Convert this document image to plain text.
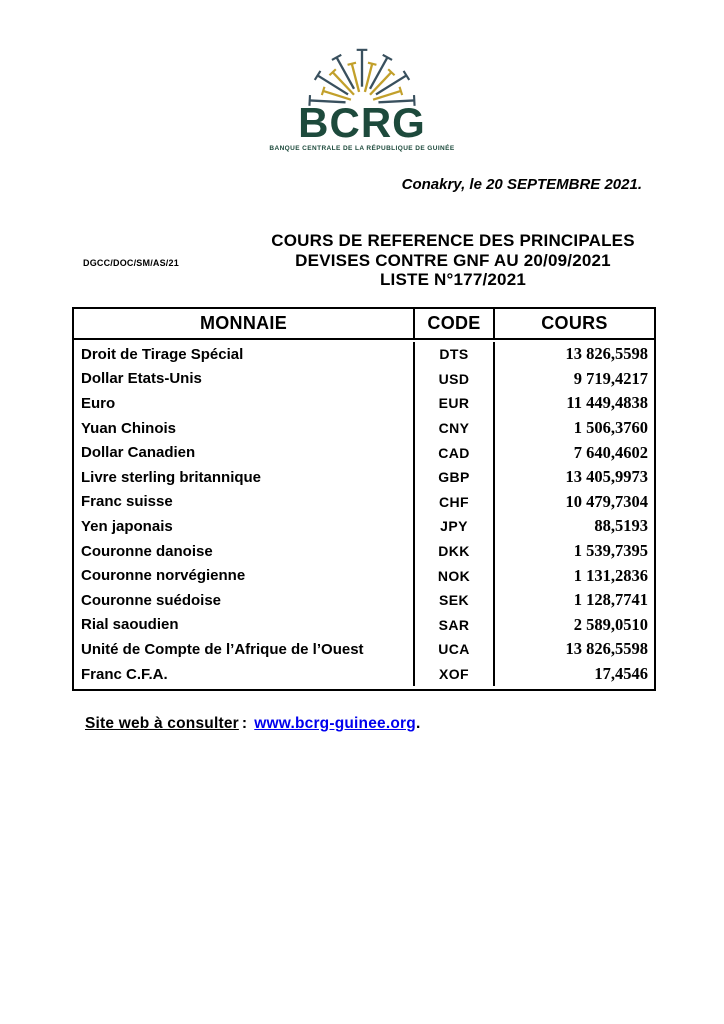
BCRG
BANQUE CENTRALE DE LA RÉPUBLIQUE DE GUINÉE
Conakry, le 20 SEPTEMBRE 2021.
DGCC/DOC/SM/AS/21
COURS DE REFERENCE DES PRINCIPALES
DEVISES CONTRE GNF AU 20/09/2021
LISTE N°177/2021
MONNAIE	CODE	COURS
Droit de Tirage Spécial	DTS	13 826,5598
Dollar Etats-Unis	USD	9 719,4217
Euro	EUR	11 449,4838
Yuan Chinois	CNY	1 506,3760
Dollar Canadien	CAD	7 640,4602
Livre sterling britannique	GBP	13 405,9973
Franc suisse	CHF	10 479,7304
Yen japonais	JPY	88,5193
Couronne danoise	DKK	1 539,7395
Couronne norvégienne	NOK	1 131,2836
Couronne suédoise	SEK	1 128,7741
Rial saoudien	SAR	2 589,0510
Unité de Compte de l’Afrique de l’Ouest	UCA	13 826,5598
Franc C.F.A.	XOF	17,4546
Site web à consulter : www.bcrg-guinee.org.
